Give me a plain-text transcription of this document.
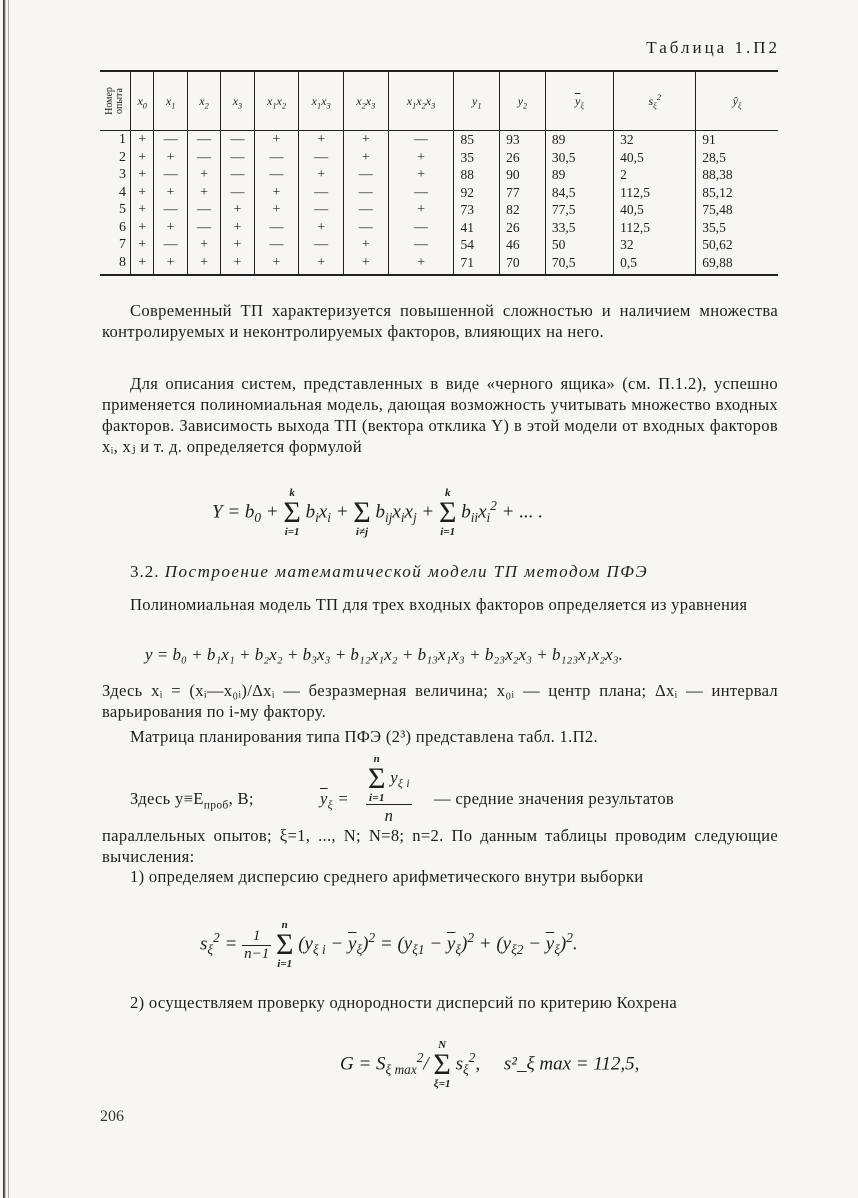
Таблица 1.П2
Номер
опыта	$x_0$	$x_1$	$x_2$	$x_3$	$x_1x_2$	$x_1x_3$	$x_2x_3$	$x_1x_2x_3$	$y_1$	$y_2$	$\overline{y}_\xi$	$s_\xi^2$	$ŷ_\xi$
1	+	—	—	—	+	+	+	—	85	93	89	32	91
2	+	+	—	—	—	—	+	+	35	26	30,5	40,5	28,5
3	+	—	+	—	—	+	—	+	88	90	89	2	88,38
4	+	+	+	—	+	—	—	—	92	77	84,5	112,5	85,12
5	+	—	—	+	+	—	—	+	73	82	77,5	40,5	75,48
6	+	+	—	+	—	+	—	—	41	26	33,5	112,5	35,5
7	+	—	+	+	—	—	+	—	54	46	50	32	50,62
8	+	+	+	+	+	+	+	+	71	70	70,5	0,5	69,88
Современный ТП характеризуется повышенной сложностью и наличием множества контролируемых и неконтролируемых факторов, влияющих на него.
Для описания систем, представленных в виде «черного ящика» (см. П.1.2), успешно применяется полиномиальная модель, дающая возможность учитывать множество входных факторов. Зависимость выхода ТП (вектора отклика Y) в этой модели от входных факторов xᵢ, xⱼ и т. д. определяется формулой
$Y = b_0$ +
k
Σ
i=1
$b_ix_i$ +
Σ
i≠j
$b_{ij}x_ix_j$ +
k
Σ
i=1
$b_{ii}x_i^2$ + ... .
3.2. Построение математической модели ТП методом ПФЭ
Полиномиальная модель ТП для трех входных факторов определяется из уравнения
y = b₀ + b₁x₁ + b₂x₂ + b₃x₃ + b₁₂x₁x₂ + b₁₃x₁x₃ + b₂₃x₂x₃ + b₁₂₃x₁x₂x₃.
Здесь xᵢ = (xᵢ—x₀ᵢ)/Δxᵢ — безразмерная величина; x₀ᵢ — центр плана; Δxᵢ — интервал варьирования по i-му фактору.
Матрица планирования типа ПФЭ (2³) представлена табл. 1.П2.
Здесь $y\equiv E_{проб}$, В;	$\overline{y}_\xi$ =
n
Σ
i=1
$y_{\xi i}$
n
— средние значения результатов
параллельных опытов; ξ=1, ..., N; N=8; n=2. По данным таблицы проводим следующие вычисления:
1) определяем дисперсию среднего арифметического внутри выборки
$s_\xi^2 = \frac{1}{n-1}$

n
Σ
i=1
$(y_{\xi i} - \overline{y}_\xi)^2 = (y_{\xi 1} - \overline{y}_\xi)^2 + (y_{\xi 2} - \overline{y}_\xi)^2$.
2) осуществляем проверку однородности дисперсий по критерию Кохрена
$G = S_{\xi max}^2/$
N
Σ
ξ=1
$s_\xi^2$,     s²_ξ max = 112,5,
206
